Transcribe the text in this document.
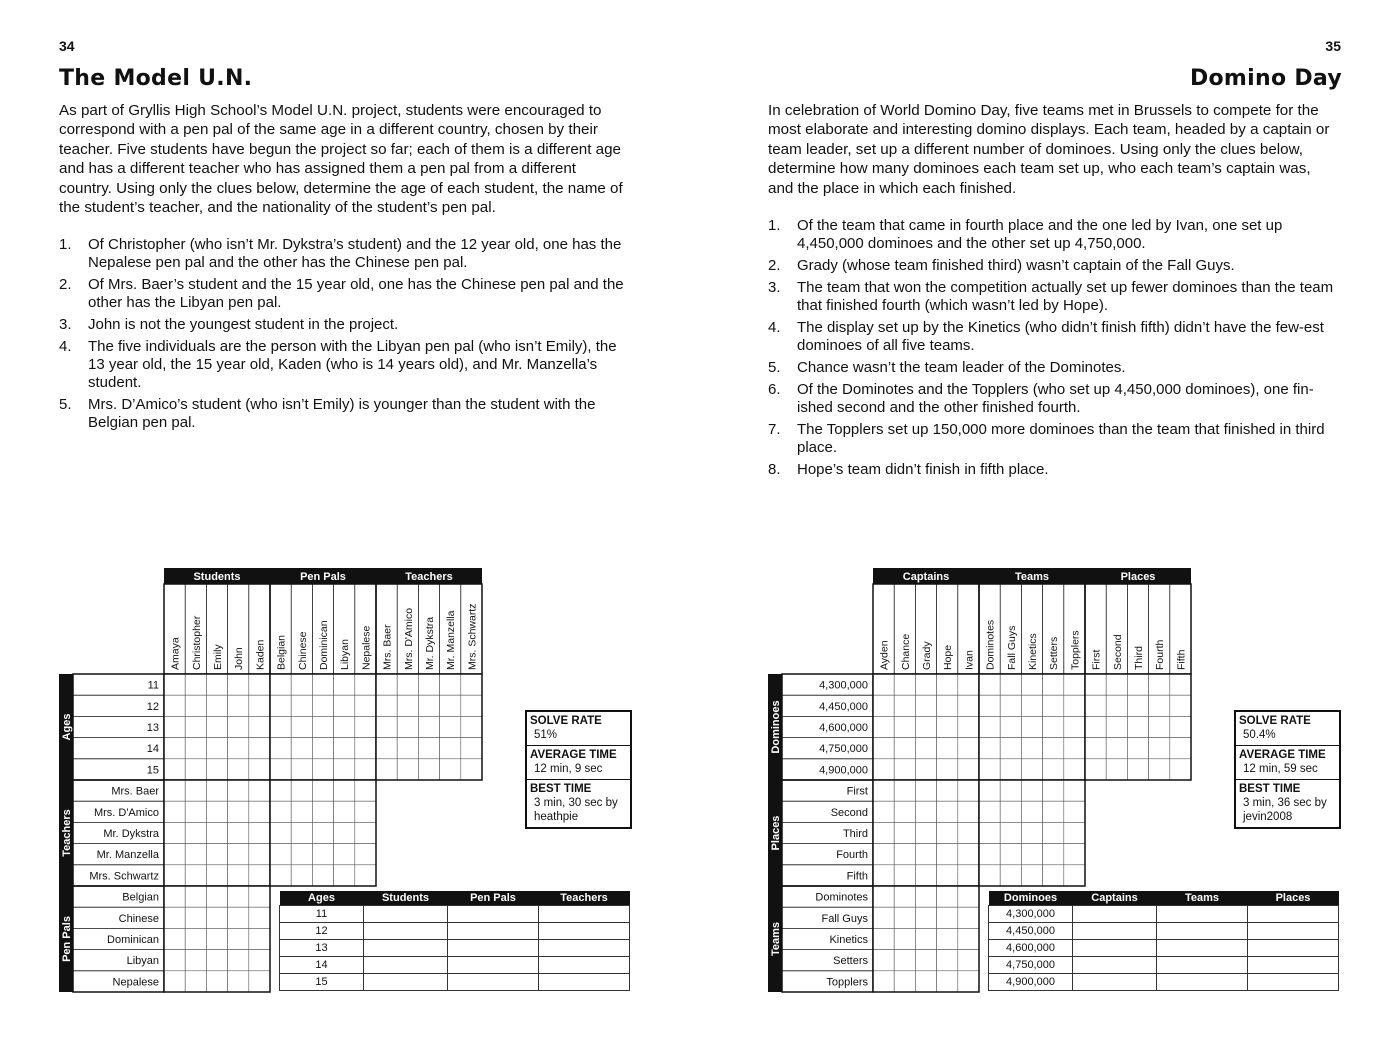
34
The Model U.N.

As part of Gryllis High School’s Model U.N. project, students were encouraged to correspond with a pen pal of the same age in a different country, chosen by their teacher. Five students have begun the project so far; each of them is a different age and has a different teacher who has assigned them a pen pal from a different country. Using only the clues below, determine the age of each student, the name of the student’s teacher, and the nationality of the student’s pen pal.

1. Of Christopher (who isn’t Mr. Dykstra’s student) and the 12 year old, one has the Nepalese pen pal and the other has the Chinese pen pal.
2. Of Mrs. Baer’s student and the 15 year old, one has the Chinese pen pal and the other has the Libyan pen pal.
3. John is not the youngest student in the project.
4. The five individuals are the person with the Libyan pen pal (who isn’t Emily), the 13 year old, the 15 year old, Kaden (who is 14 years old), and Mr. Manzella’s student.
5. Mrs. D’Amico’s student (who isn’t Emily) is younger than the student with the Belgian pen pal.
Students
Amaya Christopher Emily John Kaden
Pen Pals
Belgian Chinese Dominican Libyan Nepalese
Teachers
Mrs. Baer Mrs. D'Amico Mr. Dykstra Mr. Manzella Mrs. Schwartz
Ages
11
12
13
14
15
Teachers
Mrs. Baer
Mrs. D'Amico
Mr. Dykstra
Mr. Manzella
Mrs. Schwartz
Pen Pals
Belgian
Chinese
Dominican
Libyan
Nepalese
SOLVE RATE
51%
AVERAGE TIME
12 min, 9 sec
BEST TIME
3 min, 30 sec by heathpie
Ages	Students	Pen Pals	Teachers
11			
12			
13			
14			
15			
35
Domino Day

In celebration of World Domino Day, five teams met in Brussels to compete for the most elaborate and interesting domino displays. Each team, headed by a captain or team leader, set up a different number of dominoes. Using only the clues below, determine how many dominoes each team set up, who each team’s captain was, and the place in which each finished.

1. Of the team that came in fourth place and the one led by Ivan, one set up 4,450,000 dominoes and the other set up 4,750,000.
2. Grady (whose team finished third) wasn’t captain of the Fall Guys.
3. The team that won the competition actually set up fewer dominoes than the team that finished fourth (which wasn’t led by Hope).
4. The display set up by the Kinetics (who didn’t finish fifth) didn’t have the few-est dominoes of all five teams.
5. Chance wasn’t the team leader of the Dominotes.
6. Of the Dominotes and the Topplers (who set up 4,450,000 dominoes), one fin-ished second and the other finished fourth.
7. The Topplers set up 150,000 more dominoes than the team that finished in third place.
8. Hope’s team didn’t finish in fifth place.
Captains
Ayden Chance Grady Hope Ivan
Teams
Dominotes Fall Guys Kinetics Setters Topplers
Places
First Second Third Fourth Fifth
Dominoes
4,300,000
4,450,000
4,600,000
4,750,000
4,900,000
Places
First
Second
Third
Fourth
Fifth
Teams
Dominotes
Fall Guys
Kinetics
Setters
Topplers
SOLVE RATE
50.4%
AVERAGE TIME
12 min, 59 sec
BEST TIME
3 min, 36 sec by jevin2008
Dominoes	Captains	Teams	Places
4,300,000			
4,450,000			
4,600,000			
4,750,000			
4,900,000			
